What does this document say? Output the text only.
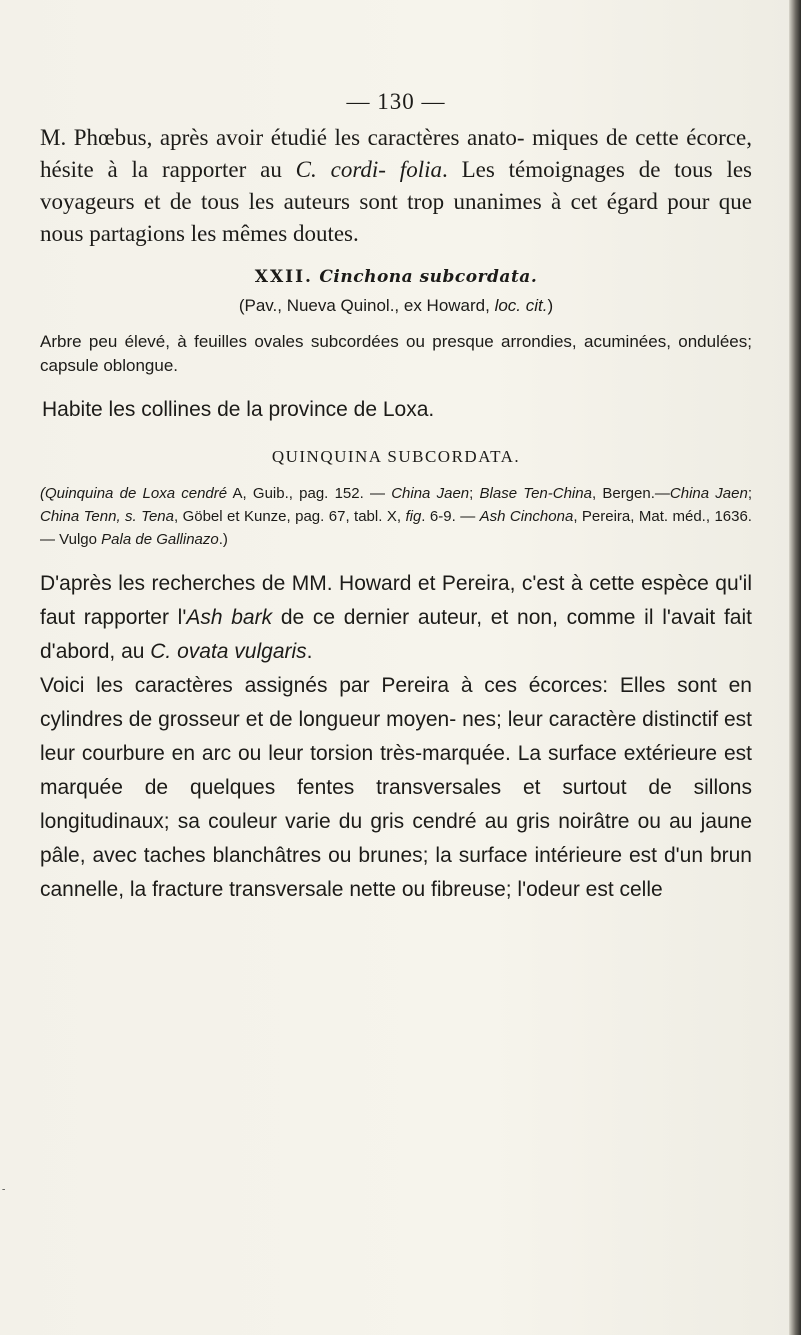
— 130 —

M. Phœbus, après avoir étudié les caractères anato- miques de cette écorce, hésite à la rapporter au C. cordi- folia. Les témoignages de tous les voyageurs et de tous les auteurs sont trop unanimes à cet égard pour que nous partagions les mêmes doutes.

XXII. Cinchona subcordata.
(Pav., Nueva Quinol., ex Howard, loc. cit.)

Arbre peu élevé, à feuilles ovales subcordées ou presque arrondies, acuminées, ondulées; capsule oblongue.

Habite les collines de la province de Loxa.

QUINQUINA SUBCORDATA.

(Quinquina de Loxa cendré A, Guib., pag. 152. — China Jaen; Blase Ten-China, Bergen.—China Jaen; China Tenn, s. Tena, Göbel et Kunze, pag. 67, tabl. X, fig. 6-9. — Ash Cinchona, Pereira, Mat. méd., 1636. — Vulgo Pala de Gallinazo.)

D'après les recherches de MM. Howard et Pereira, c'est à cette espèce qu'il faut rapporter l'Ash bark de ce dernier auteur, et non, comme il l'avait fait d'abord, au C. ovata vulgaris.

Voici les caractères assignés par Pereira à ces écorces: Elles sont en cylindres de grosseur et de longueur moyen- nes; leur caractère distinctif est leur courbure en arc ou leur torsion très-marquée. La surface extérieure est marquée de quelques fentes transversales et surtout de sillons longitudinaux; sa couleur varie du gris cendré au gris noirâtre ou au jaune pâle, avec taches blanchâtres ou brunes; la surface intérieure est d'un brun cannelle, la fracture transversale nette ou fibreuse; l'odeur est celle

-
